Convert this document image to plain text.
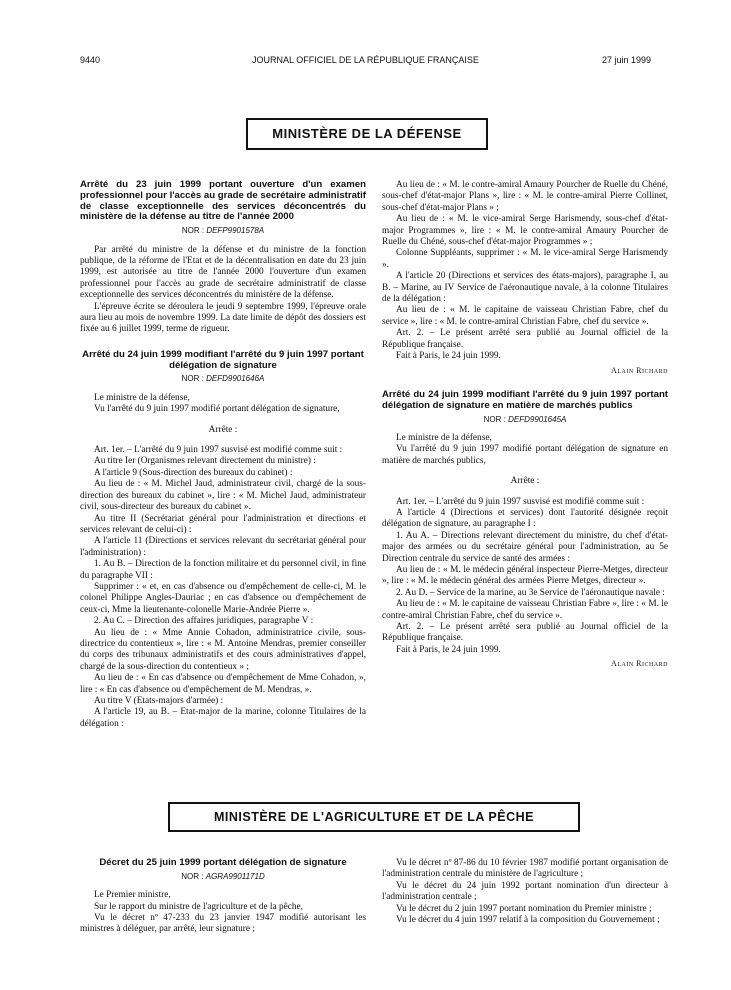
9440	JOURNAL OFFICIEL DE LA RÉPUBLIQUE FRANÇAISE	27 juin 1999
MINISTÈRE DE LA DÉFENSE
Arrêté du 23 juin 1999 portant ouverture d'un examen professionnel pour l'accès au grade de secrétaire administratif de classe exceptionnelle des services déconcentrés du ministère de la défense au titre de l'année 2000
NOR : DEFP9901578A

Par arrêté du ministre de la défense et du ministre de la fonction publique, de la réforme de l'Etat et de la décentralisation en date du 23 juin 1999, est autorisée au titre de l'année 2000 l'ouverture d'un examen professionnel pour l'accès au grade de secrétaire administratif de classe exceptionnelle des services déconcentrés du ministère de la défense.

L'épreuve écrite se déroulera le jeudi 9 septembre 1999, l'épreuve orale aura lieu au mois de novembre 1999. La date limite de dépôt des dossiers est fixée au 6 juillet 1999, terme de rigueur.

Arrêté du 24 juin 1999 modifiant l'arrêté du 9 juin 1997 portant délégation de signature
NOR : DEFD9901646A

Le ministre de la défense,

Vu l'arrêté du 9 juin 1997 modifié portant délégation de signature,

Arrête :

Art. 1er. – L'arrêté du 9 juin 1997 susvisé est modifié comme suit :

Au titre Ier (Organismes relevant directement du ministre) :

A l'article 9 (Sous-direction des bureaux du cabinet) :

Au lieu de : « M. Michel Jaud, administrateur civil, chargé de la sous-direction des bureaux du cabinet », lire : « M. Michel Jaud, administrateur civil, sous-directeur des bureaux du cabinet ».

Au titre II (Secrétariat général pour l'administration et directions et services relevant de celui-ci) :

A l'article 11 (Directions et services relevant du secrétariat général pour l'administration) :

1. Au B. – Direction de la fonction militaire et du personnel civil, in fine du paragraphe VII :

Supprimer : « et, en cas d'absence ou d'empêchement de celle-ci, M. le colonel Philippe Angles-Dauriac ; en cas d'absence ou d'empêchement de ceux-ci, Mme la lieutenante-colonelle Marie-Andrée Pierre ».

2. Au C. – Direction des affaires juridiques, paragraphe V :

Au lieu de : « Mme Annie Cohadon, administratrice civile, sous-directrice du contentieux », lire : « M. Antoine Mendras, premier conseiller du corps des tribunaux administratifs et des cours administratives d'appel, chargé de la sous-direction du contentieux » ;

Au lieu de : « En cas d'absence ou d'empêchement de Mme Cohadon, », lire : « En cas d'absence ou d'empêchement de M. Mendras, ».

Au titre V (Etats-majors d'armée) :

A l'article 19, au B. – Etat-major de la marine, colonne Titulaires de la délégation :

Au lieu de : « M. le contre-amiral Amaury Pourcher de Ruelle du Chéné, sous-chef d'état-major Plans », lire : « M. le contre-amiral Pierre Collinet, sous-chef d'état-major Plans » ;

Au lieu de : « M. le vice-amiral Serge Harismendy, sous-chef d'état-major Programmes », lire : « M. le contre-amiral Amaury Pourcher de Ruelle du Chéné, sous-chef d'état-major Programmes » ;

Colonne Suppléants, supprimer : « M. le vice-amiral Serge Harismendy ».

A l'article 20 (Directions et services des états-majors), paragraphe I, au B. – Marine, au IV Service de l'aéronautique navale, à la colonne Titulaires de la délégation :

Au lieu de : « M. le capitaine de vaisseau Christian Fabre, chef du service », lire : « M. le contre-amiral Christian Fabre, chef du service ».

Art. 2. – Le présent arrêté sera publié au Journal officiel de la République française.

Fait à Paris, le 24 juin 1999.

Alain Richard

Arrêté du 24 juin 1999 modifiant l'arrêté du 9 juin 1997 portant délégation de signature en matière de marchés publics
NOR : DEFD9901645A

Le ministre de la défense,

Vu l'arrêté du 9 juin 1997 modifié portant délégation de signature en matière de marchés publics,

Arrête :

Art. 1er. – L'arrêté du 9 juin 1997 susvisé est modifié comme suit :

A l'article 4 (Directions et services) dont l'autorité désignée reçoit délégation de signature, au paragraphe I :

1. Au A. – Directions relevant directement du ministre, du chef d'état-major des armées ou du secrétaire général pour l'administration, au 5e Direction centrale du service de santé des armées :

Au lieu de : « M. le médecin général inspecteur Pierre-Metges, directeur », lire : « M. le médecin général des armées Pierre Metges, directeur ».

2. Au D. – Service de la marine, au 3e Service de l'aéronautique navale :

Au lieu de : « M. le capitaine de vaisseau Christian Fabre », lire : « M. le contre-amiral Christian Fabre, chef du service ».

Art. 2. – Le présent arrêté sera publié au Journal officiel de la République française.

Fait à Paris, le 24 juin 1999.

Alain Richard

MINISTÈRE DE L'AGRICULTURE ET DE LA PÊCHE
Décret du 25 juin 1999 portant délégation de signature
NOR : AGRA9901171D

Le Premier ministre,

Sur le rapport du ministre de l'agriculture et de la pêche,

Vu le décret nº 47-233 du 23 janvier 1947 modifié autorisant les ministres à déléguer, par arrêté, leur signature ;

Vu le décret nº 87-86 du 10 février 1987 modifié portant organisation de l'administration centrale du ministère de l'agriculture ;

Vu le décret du 24 juin 1992 portant nomination d'un directeur à l'administration centrale ;

Vu le décret du 2 juin 1997 portant nomination du Premier ministre ;

Vu le décret du 4 juin 1997 relatif à la composition du Gouvernement ;
